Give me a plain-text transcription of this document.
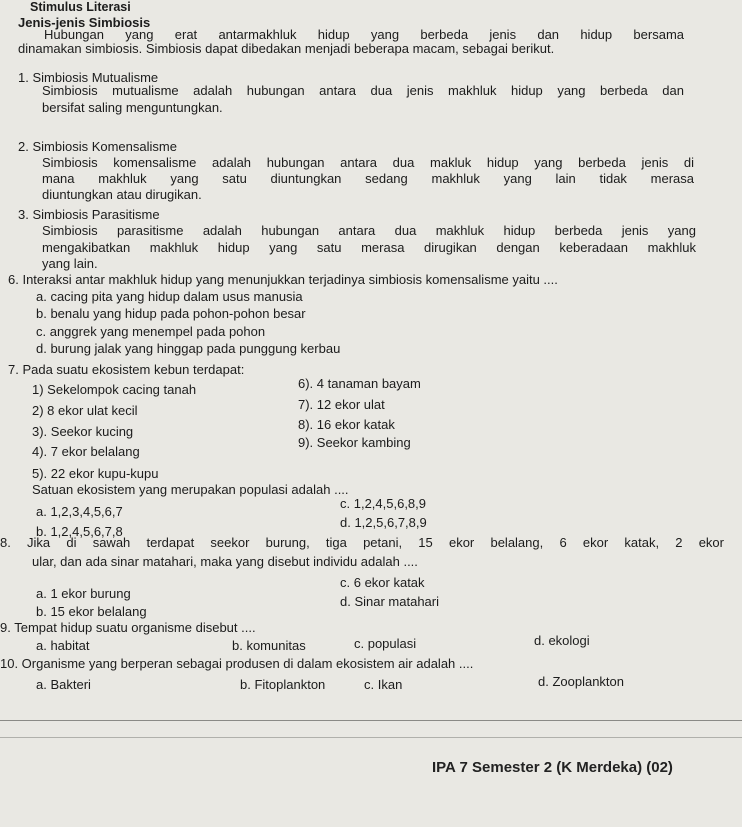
Stimulus Literasi
Jenis-jenis Simbiosis
Hubungan yang erat antarmakhluk hidup yang berbeda jenis dan hidup bersama
dinamakan simbiosis. Simbiosis dapat dibedakan menjadi beberapa macam, sebagai berikut.
1. Simbiosis Mutualisme
Simbiosis mutualisme adalah hubungan antara dua jenis makhluk hidup yang berbeda dan
bersifat saling menguntungkan.
2. Simbiosis Komensalisme
Simbiosis komensalisme adalah hubungan antara dua makluk hidup yang berbeda jenis di
mana makhluk yang satu diuntungkan sedang makhluk yang lain tidak merasa
diuntungkan atau dirugikan.
3. Simbiosis Parasitisme
Simbiosis parasitisme adalah hubungan antara dua makhluk hidup berbeda jenis yang
mengakibatkan makhluk hidup yang satu merasa dirugikan dengan keberadaan makhluk
yang lain.
6. Interaksi antar makhluk hidup yang menunjukkan terjadinya simbiosis komensalisme yaitu ....
a. cacing pita yang hidup dalam usus manusia
b. benalu yang hidup pada pohon-pohon besar
c. anggrek yang menempel pada pohon
d. burung jalak yang hinggap pada punggung kerbau
7. Pada suatu ekosistem kebun terdapat:
1) Sekelompok cacing tanah
2) 8 ekor ulat kecil
3). Seekor kucing
4). 7 ekor belalang
5). 22 ekor kupu-kupu
6). 4 tanaman bayam
7). 12 ekor ulat
8). 16 ekor katak
9). Seekor kambing
Satuan ekosistem yang merupakan populasi adalah ....
a. 1,2,3,4,5,6,7
c. 1,2,4,5,6,8,9
b. 1,2,4,5,6,7,8
d. 1,2,5,6,7,8,9
8. Jika di sawah terdapat seekor burung, tiga petani, 15 ekor belalang, 6 ekor katak, 2 ekor
ular, dan ada sinar matahari, maka yang disebut individu adalah ....
a. 1 ekor burung
c. 6 ekor katak
b. 15 ekor belalang
d. Sinar matahari
9. Tempat hidup suatu organisme disebut ....
a. habitat	b. komunitas	c. populasi	d. ekologi
10. Organisme yang berperan sebagai produsen di dalam ekosistem air adalah ....
a. Bakteri	b. Fitoplankton	c. Ikan	d. Zooplankton
IPA 7 Semester 2 (K Merdeka) (02)
